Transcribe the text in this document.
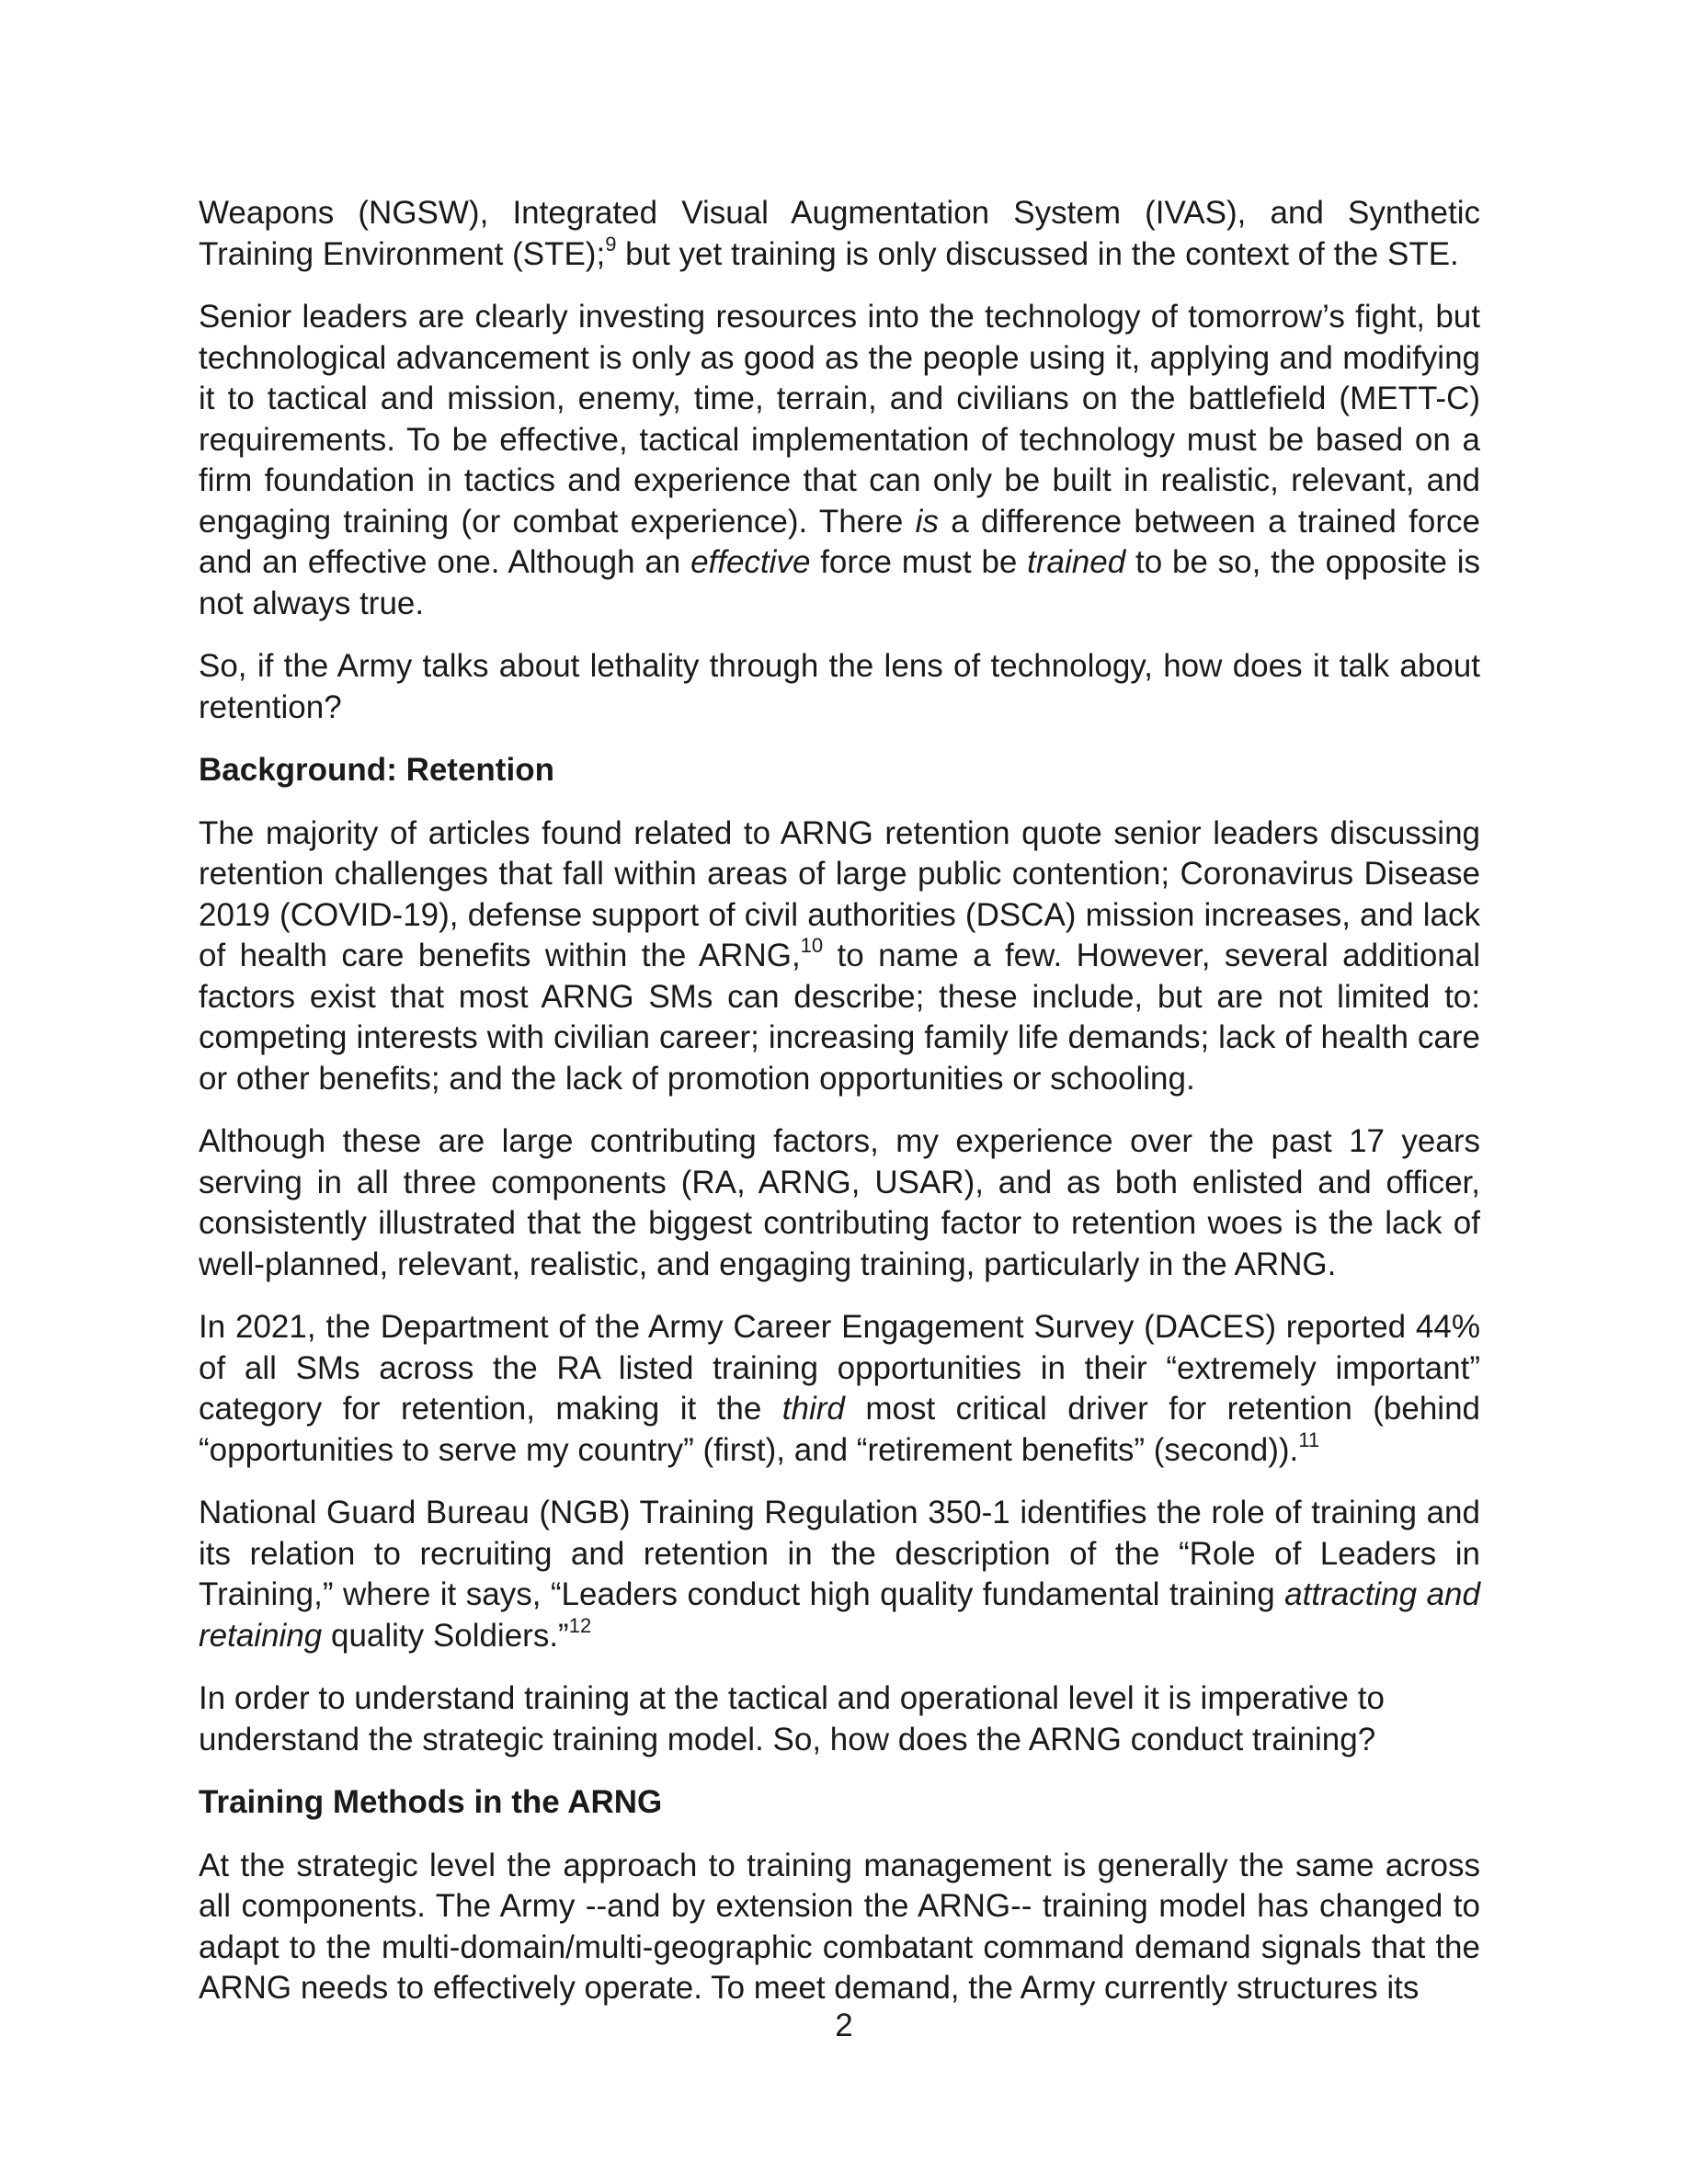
Weapons (NGSW), Integrated Visual Augmentation System (IVAS), and Synthetic Training Environment (STE);$^9$ but yet training is only discussed in the context of the STE.

Senior leaders are clearly investing resources into the technology of tomorrow’s fight, but technological advancement is only as good as the people using it, applying and modifying it to tactical and mission, enemy, time, terrain, and civilians on the battlefield (METT-C) requirements. To be effective, tactical implementation of technology must be based on a firm foundation in tactics and experience that can only be built in realistic, relevant, and engaging training (or combat experience). There is a difference between a trained force and an effective one. Although an effective force must be trained to be so, the opposite is not always true.

So, if the Army talks about lethality through the lens of technology, how does it talk about retention?

Background: Retention

The majority of articles found related to ARNG retention quote senior leaders discussing retention challenges that fall within areas of large public contention; Coronavirus Disease 2019 (COVID-19), defense support of civil authorities (DSCA) mission increases, and lack of health care benefits within the ARNG,$^{10}$ to name a few. However, several additional factors exist that most ARNG SMs can describe; these include, but are not limited to: competing interests with civilian career; increasing family life demands; lack of health care or other benefits; and the lack of promotion opportunities or schooling.

Although these are large contributing factors, my experience over the past 17 years serving in all three components (RA, ARNG, USAR), and as both enlisted and officer, consistently illustrated that the biggest contributing factor to retention woes is the lack of well-planned, relevant, realistic, and engaging training, particularly in the ARNG.

In 2021, the Department of the Army Career Engagement Survey (DACES) reported 44% of all SMs across the RA listed training opportunities in their “extremely important” category for retention, making it the third most critical driver for retention (behind “opportunities to serve my country” (first), and “retirement benefits” (second)).$^{11}$

National Guard Bureau (NGB) Training Regulation 350-1 identifies the role of training and its relation to recruiting and retention in the description of the “Role of Leaders in Training,” where it says, “Leaders conduct high quality fundamental training attracting and retaining quality Soldiers.”$^{12}$

In order to understand training at the tactical and operational level it is imperative to understand the strategic training model. So, how does the ARNG conduct training?

Training Methods in the ARNG

At the strategic level the approach to training management is generally the same across all components. The Army --and by extension the ARNG-- training model has changed to adapt to the multi-domain/multi-geographic combatant command demand signals that the ARNG needs to effectively operate. To meet demand, the Army currently structures its

2
